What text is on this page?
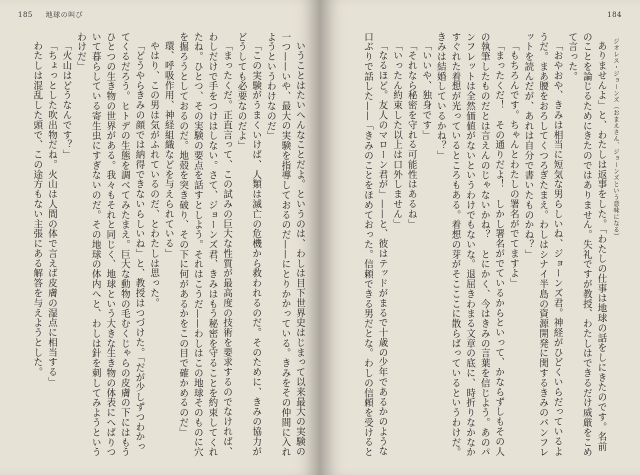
185 地球の叫び

いうことはたいへんなことだよ。というのは、わしは目下世界史はじまって以来最大の実験の一つ——いや、最大の実験を指導しておるのだ——にとりかかっている。きみをその仲間に入れようというわけなのだ」

「この実験がうまくいけば、人類は滅亡の危機から救われるのだ。そのために、きみの協力がどうしても必要なのだよ」

「まったくだ。正直言って、この試みの巨大な性質が最高度の技術を要求するのでなければ、わしだけで手をつけはしない。さて、ジョーンズ君、きみはもう秘密を守ることを約束してくれたね。ひとつ、その実験の要点を話すとしよう。それはこうだ——わしはこの地球そのものに穴を掘ろうとしておるのだ。地殻を突き破り、その下に何があるかをこの目で確かめるのだ」

環、呼吸作用、神経組織などを与えられている」

やはり、この男は気がふれているのだ、とわたしは思った。

「どうやらきみの顔では納得できないらしいね」と、教授はつづけた。「だが少しずつわかってくるだろう。ヒトデの生態を調べてみたまえ。巨大な動物の毛むくじゃらの皮膚の下にはもうひとつの生き物の世界がある。我々もそれと同じく、地球という大きな生き物の体表にへばりついて暮らしている寄生虫にすぎないのだ。その地球の体内へと、わしは針を刺してみようというわけだ」

「火山はどうなんです？」

「ちょっとした吹出物だね。火山は人間の体で言えば皮膚の湿点に相当する」

わたしは混乱した頭で、この途方もない主張にある解答を与えようとした。

184

ジオレス・ジョーンズ（おまえさん、ジョーンズという意味になる）

ありませんよ」と、わたしは返事をした。「わたしの仕事は地球の話をしにきたのです。名前のことを論じるためにきたのではありません。失礼ですが教授、わたしはできるだけ威厳をこめて言った。

「おやおや、きみは相当に短気な男らしいね、ジョーンズ君。神経がひどくいらだっているようだ。まあ腰をおろしてくつろぎたまえ。わしはシナイ半島の資源開発に関するきみのパンフレットを読んだが、あれは自分で書いたものかね？」

「もちろんです。ちゃんとわたしの署名がでてますよ」

「まったくだ！　その通りだよ！　しかし署名がでているからといって、かならずしもその人の執筆したものだとは言えんのじゃないかね？　とにかく、今はきみの言葉を信じよう。あのパンフレットは全然価値がないというわけでもないな。退屈きわまる文章の底に、時折りなかなかすぐれた着想が光っているところもある。着想の芽がそこここに散らばっているというわけだ。きみは結婚しているかね？」

「いいや、独身です」

「それなら秘密を守れる可能性はあるね」

「いったん約束した以上は口外しません」

「なるほど。友人のマローン君が」——と、彼はテッドがまるで十歳の少年であるかのような口ぶりで話した——「きみのことをほめておった。信頼できる男だとな。わしの信頼を受けると
